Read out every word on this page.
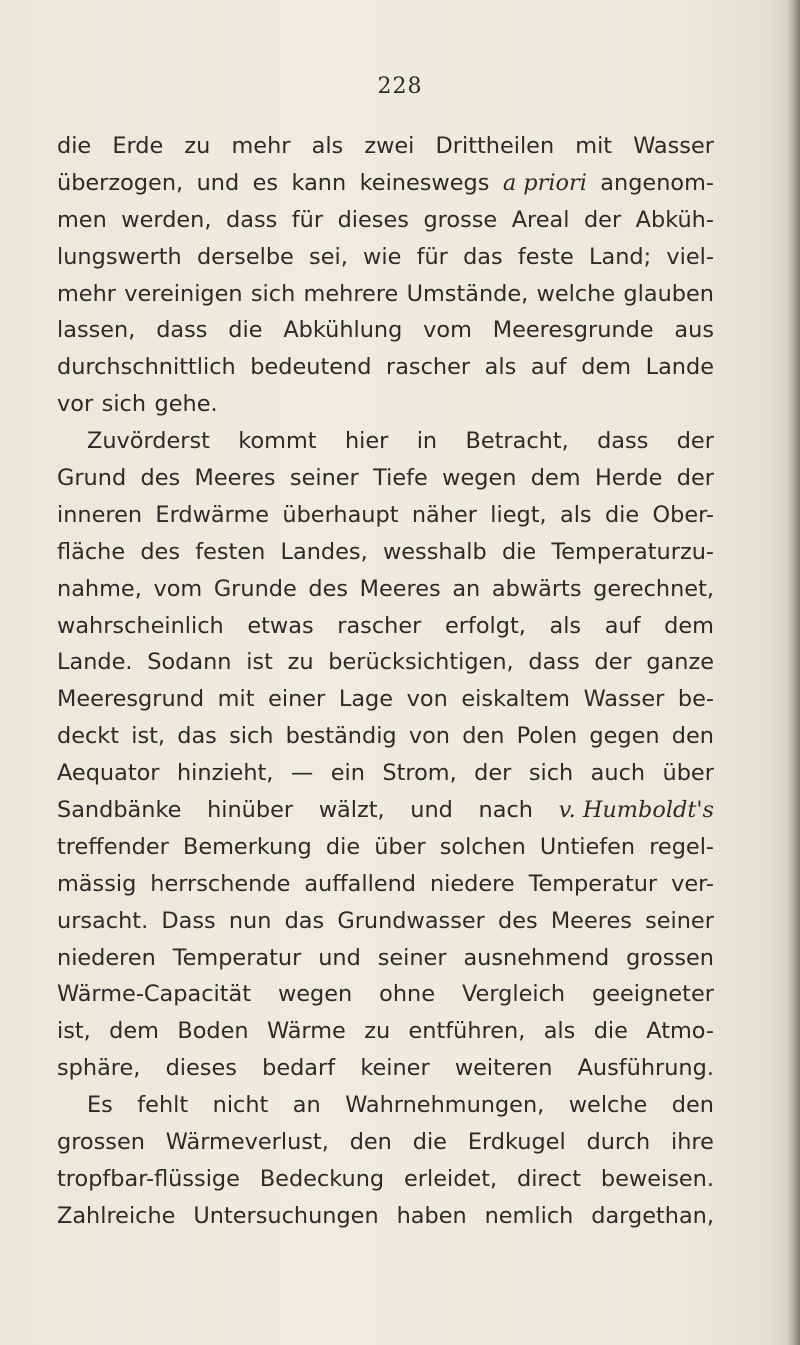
228
die Erde zu mehr als zwei Drittheilen mit Wasser
überzogen, und es kann keineswegs a priori angenom-
men werden, dass für dieses grosse Areal der Abküh-
lungswerth derselbe sei, wie für das feste Land; viel-
mehr vereinigen sich mehrere Umstände, welche glauben
lassen, dass die Abkühlung vom Meeresgrunde aus
durchschnittlich bedeutend rascher als auf dem Lande
vor sich gehe.
Zuvörderst kommt hier in Betracht, dass der
Grund des Meeres seiner Tiefe wegen dem Herde der
inneren Erdwärme überhaupt näher liegt, als die Ober-
fläche des festen Landes, wesshalb die Temperaturzu-
nahme, vom Grunde des Meeres an abwärts gerechnet,
wahrscheinlich etwas rascher erfolgt, als auf dem
Lande. Sodann ist zu berücksichtigen, dass der ganze
Meeresgrund mit einer Lage von eiskaltem Wasser be-
deckt ist, das sich beständig von den Polen gegen den
Aequator hinzieht, — ein Strom, der sich auch über
Sandbänke hinüber wälzt, und nach v. Humboldt's
treffender Bemerkung die über solchen Untiefen regel-
mässig herrschende auffallend niedere Temperatur ver-
ursacht. Dass nun das Grundwasser des Meeres seiner
niederen Temperatur und seiner ausnehmend grossen
Wärme-Capacität wegen ohne Vergleich geeigneter
ist, dem Boden Wärme zu entführen, als die Atmo-
sphäre, dieses bedarf keiner weiteren Ausführung.
Es fehlt nicht an Wahrnehmungen, welche den
grossen Wärmeverlust, den die Erdkugel durch ihre
tropfbar-flüssige Bedeckung erleidet, direct beweisen.
Zahlreiche Untersuchungen haben nemlich dargethan,
